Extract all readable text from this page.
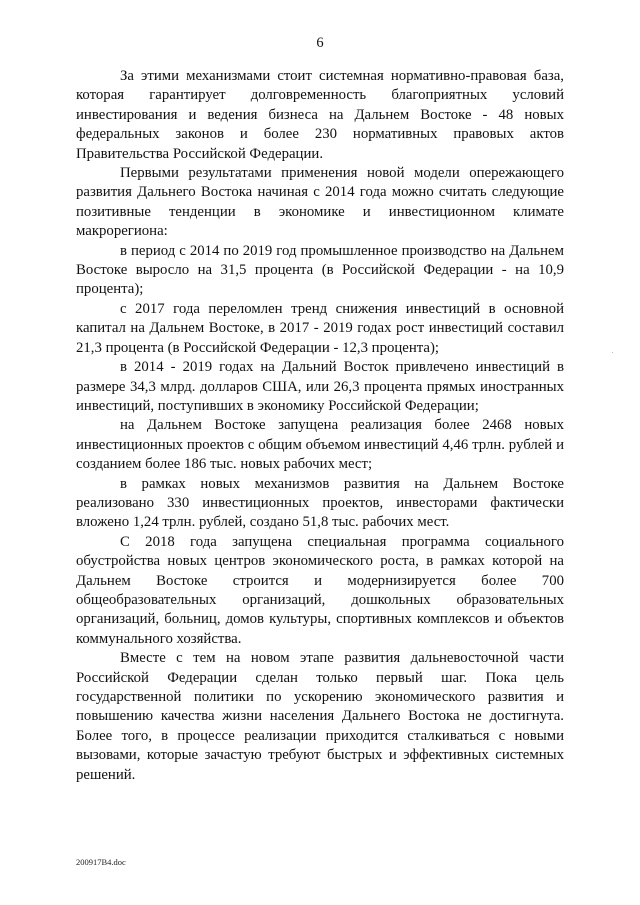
6

За этими механизмами стоит системная нормативно-правовая база, которая гарантирует долговременность благоприятных условий инвестирования и ведения бизнеса на Дальнем Востоке - 48 новых федеральных законов и более 230 нормативных правовых актов Правительства Российской Федерации.

Первыми результатами применения новой модели опережающего развития Дальнего Востока начиная с 2014 года можно считать следующие позитивные тенденции в экономике и инвестиционном климате макрорегиона:

в период с 2014 по 2019 год промышленное производство на Дальнем Востоке выросло на 31,5 процента (в Российской Федерации - на 10,9 процента);

с 2017 года переломлен тренд снижения инвестиций в основной капитал на Дальнем Востоке, в 2017 - 2019 годах рост инвестиций составил 21,3 процента (в Российской Федерации - 12,3 процента);

в 2014 - 2019 годах на Дальний Восток привлечено инвестиций в размере 34,3 млрд. долларов США, или 26,3 процента прямых иностранных инвестиций, поступивших в экономику Российской Федерации;

на Дальнем Востоке запущена реализация более 2468 новых инвестиционных проектов с общим объемом инвестиций 4,46 трлн. рублей и созданием более 186 тыс. новых рабочих мест;

в рамках новых механизмов развития на Дальнем Востоке реализовано 330 инвестиционных проектов, инвесторами фактически вложено 1,24 трлн. рублей, создано 51,8 тыс. рабочих мест.

С 2018 года запущена специальная программа социального обустройства новых центров экономического роста, в рамках которой на Дальнем Востоке строится и модернизируется более 700 общеобразовательных организаций, дошкольных образовательных организаций, больниц, домов культуры, спортивных комплексов и объектов коммунального хозяйства.

Вместе с тем на новом этапе развития дальневосточной части Российской Федерации сделан только первый шаг. Пока цель государственной политики по ускорению экономического развития и повышению качества жизни населения Дальнего Востока не достигнута. Более того, в процессе реализации приходится сталкиваться с новыми вызовами, которые зачастую требуют быстрых и эффективных системных решений.

200917В4.doc
